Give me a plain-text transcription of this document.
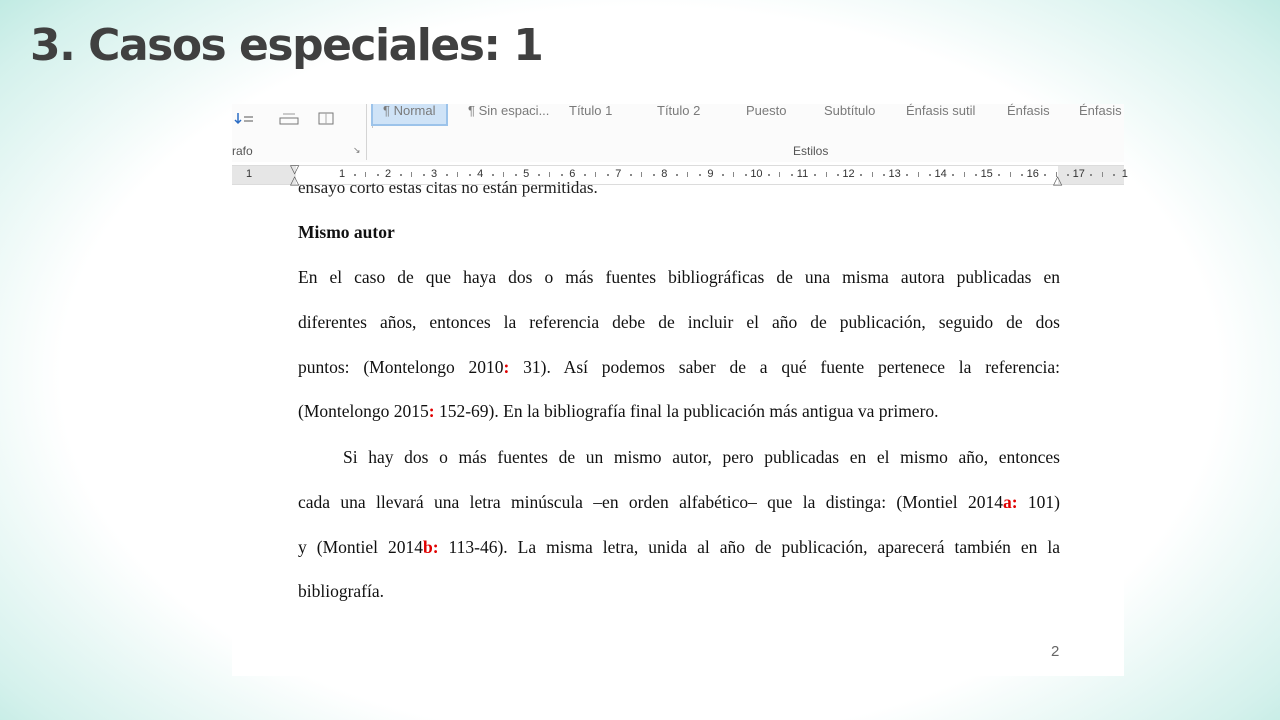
3. Casos especiales: 1
¶ Normal	¶ Sin espaci... Título 1	Título 2	Puesto	Subtítulo Énfasis sutil Énfasis Énfasis
rafo	↘	Estilos
1	1	2	3	4	5	6	7	8	9	10	11	12	13	14	15	16	17	1
▽
△	△
ensayo corto estas citas no están permitidas.

Mismo autor

En el caso de que haya dos o más fuentes bibliográficas de una misma autora publicadas en
diferentes años, entonces la referencia debe de incluir el año de publicación, seguido de dos
puntos: (Montelongo 2010: 31). Así podemos saber de a qué fuente pertenece la referencia:
(Montelongo 2015: 152-69). En la bibliografía final la publicación más antigua va primero.
Si hay dos o más fuentes de un mismo autor, pero publicadas en el mismo año, entonces
cada una llevará una letra minúscula –en orden alfabético– que la distinga: (Montiel 2014a: 101)
y (Montiel 2014b: 113-46). La misma letra, unida al año de publicación, aparecerá también en la
bibliografía.
2
